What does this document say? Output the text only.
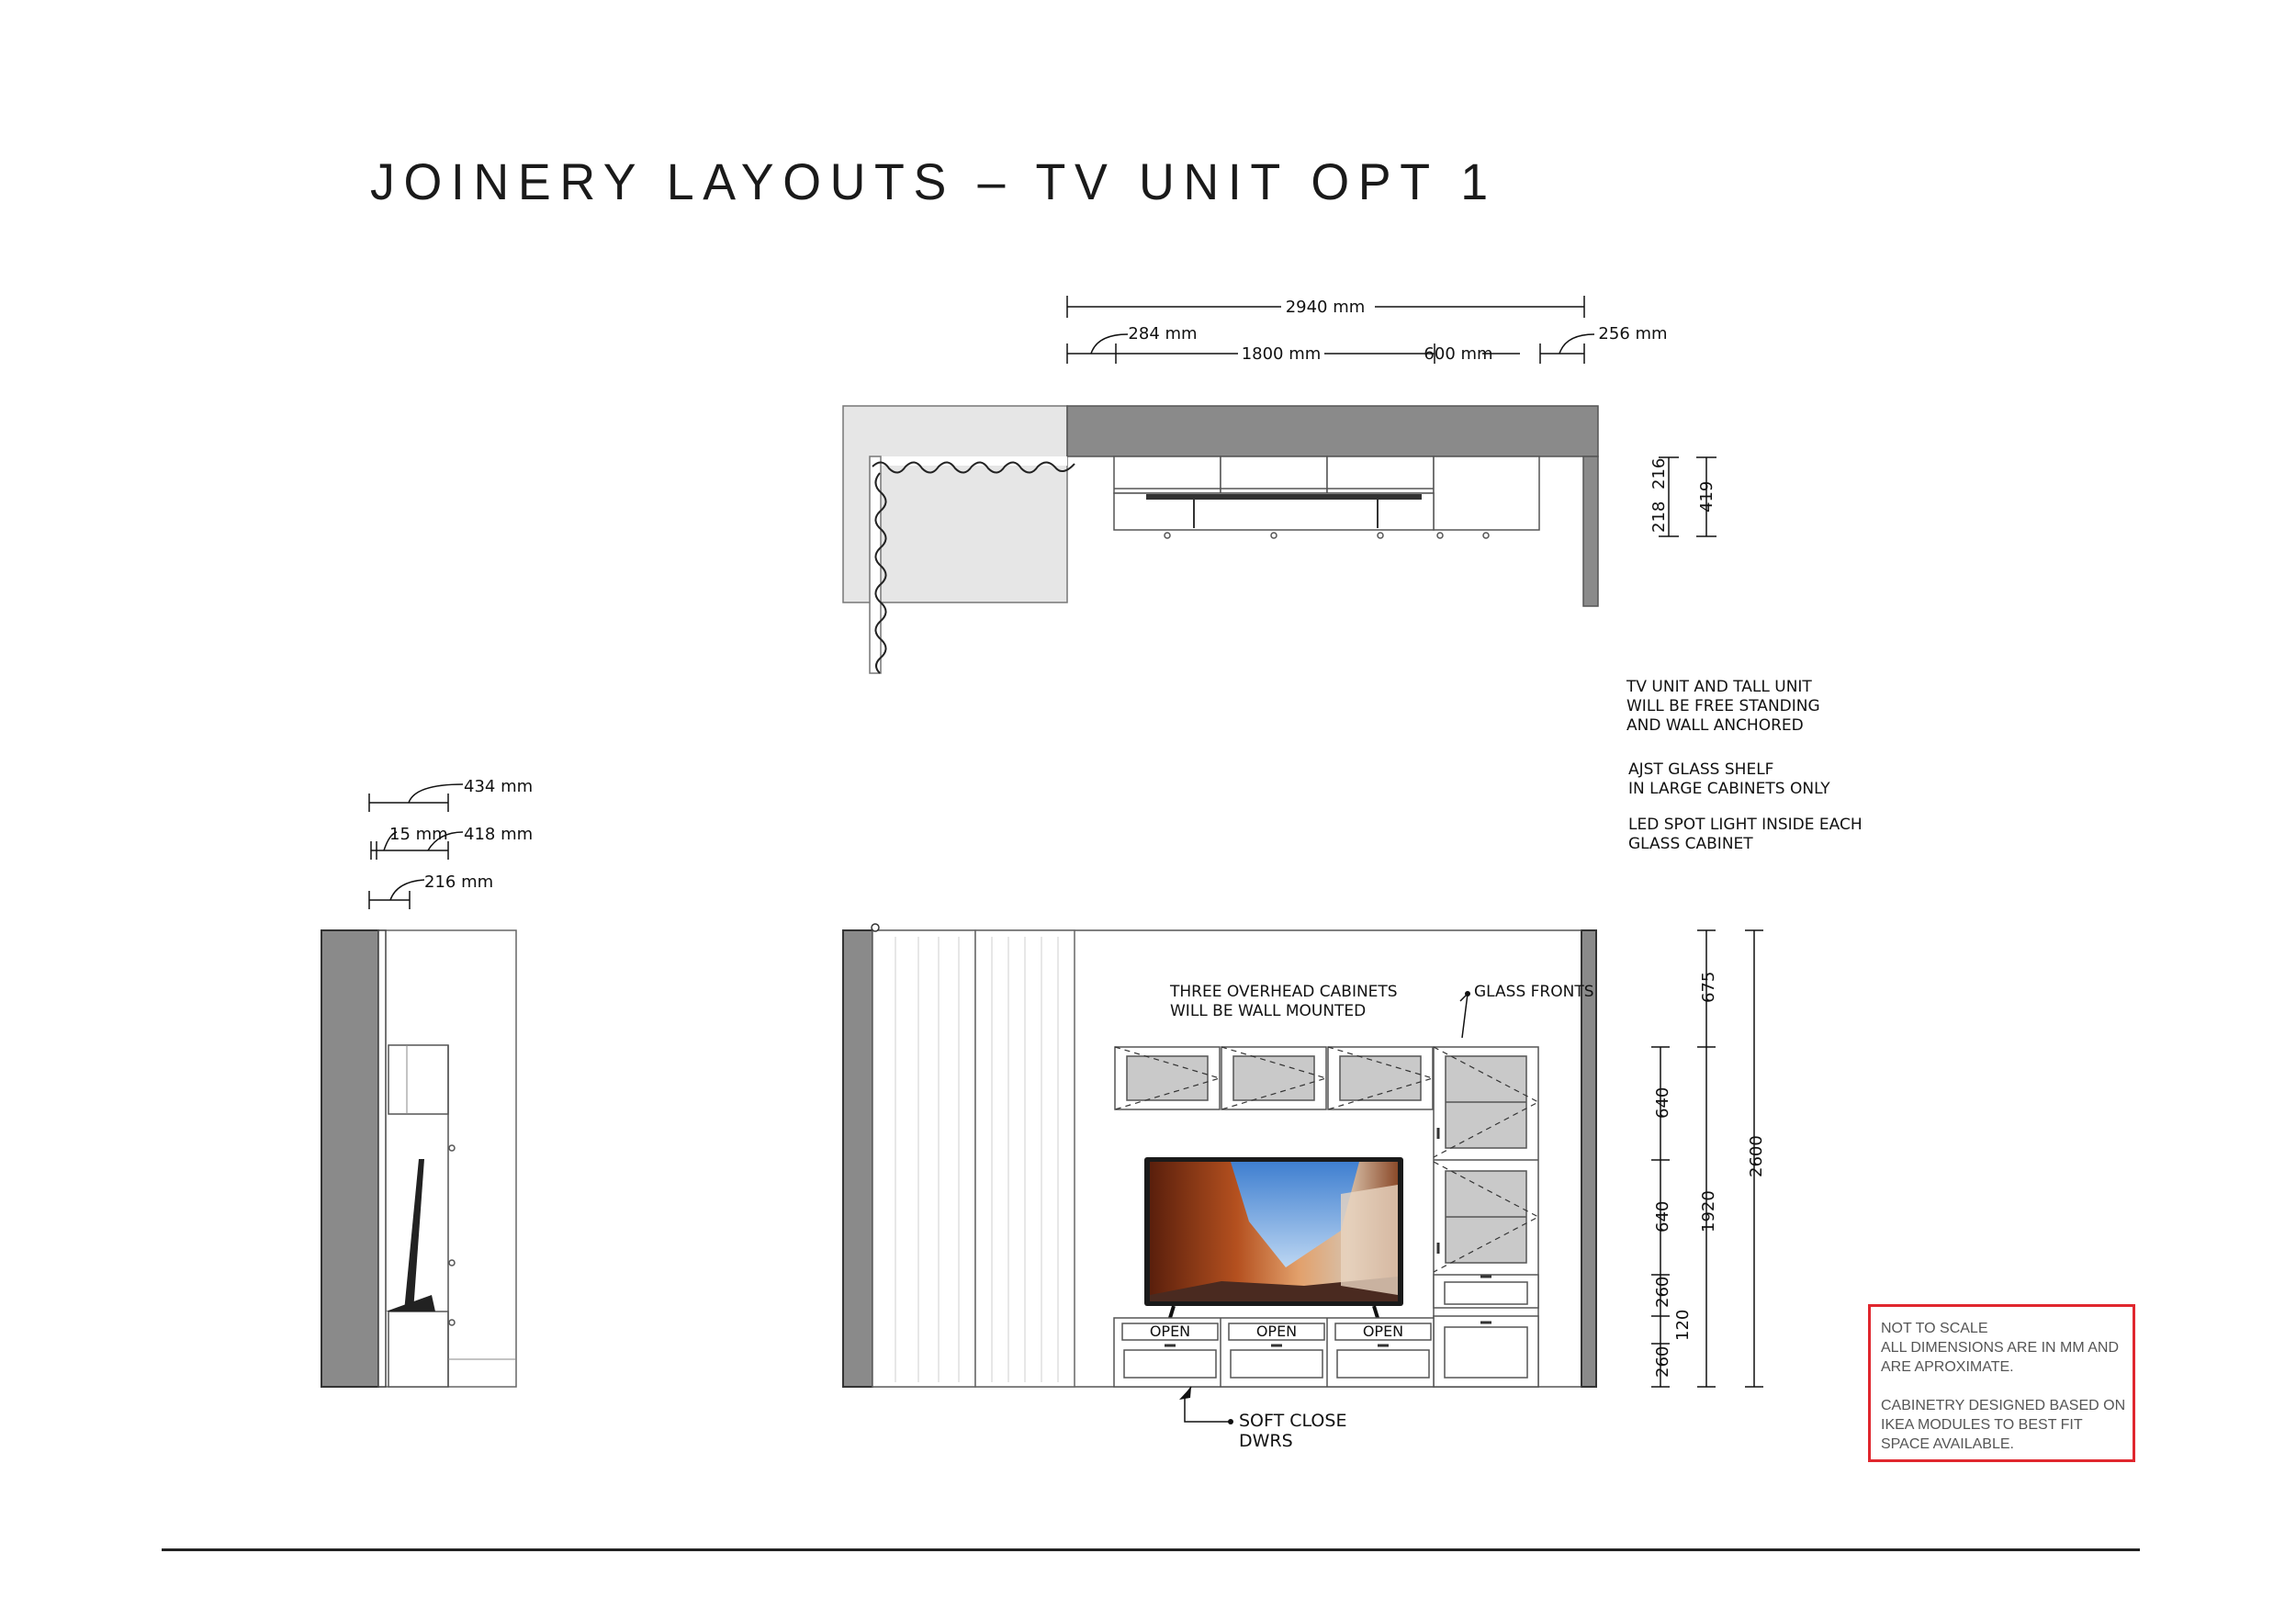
JOINERY LAYOUTS – TV UNIT OPT 1
2940 mm
284 mm
1800 mm	600 mm
256 mm
218
216
419
434 mm
15 mm 418 mm
216 mm
OPEN	OPEN	OPEN
640
640
260
120
260
675
1920
2600
THREE OVERHEAD CABINETS
WILL BE WALL MOUNTED
GLASS FRONTS
SOFT CLOSE
DWRS
TV UNIT AND TALL UNIT
WILL BE FREE STANDING
AND WALL ANCHORED
AJST GLASS SHELF
IN LARGE CABINETS ONLY
LED SPOT LIGHT INSIDE EACH
GLASS CABINET
NOT TO SCALE
ALL DIMENSIONS ARE IN MM AND
ARE APROXIMATE.

CABINETRY DESIGNED BASED ON
IKEA MODULES TO BEST FIT
SPACE AVAILABLE.
